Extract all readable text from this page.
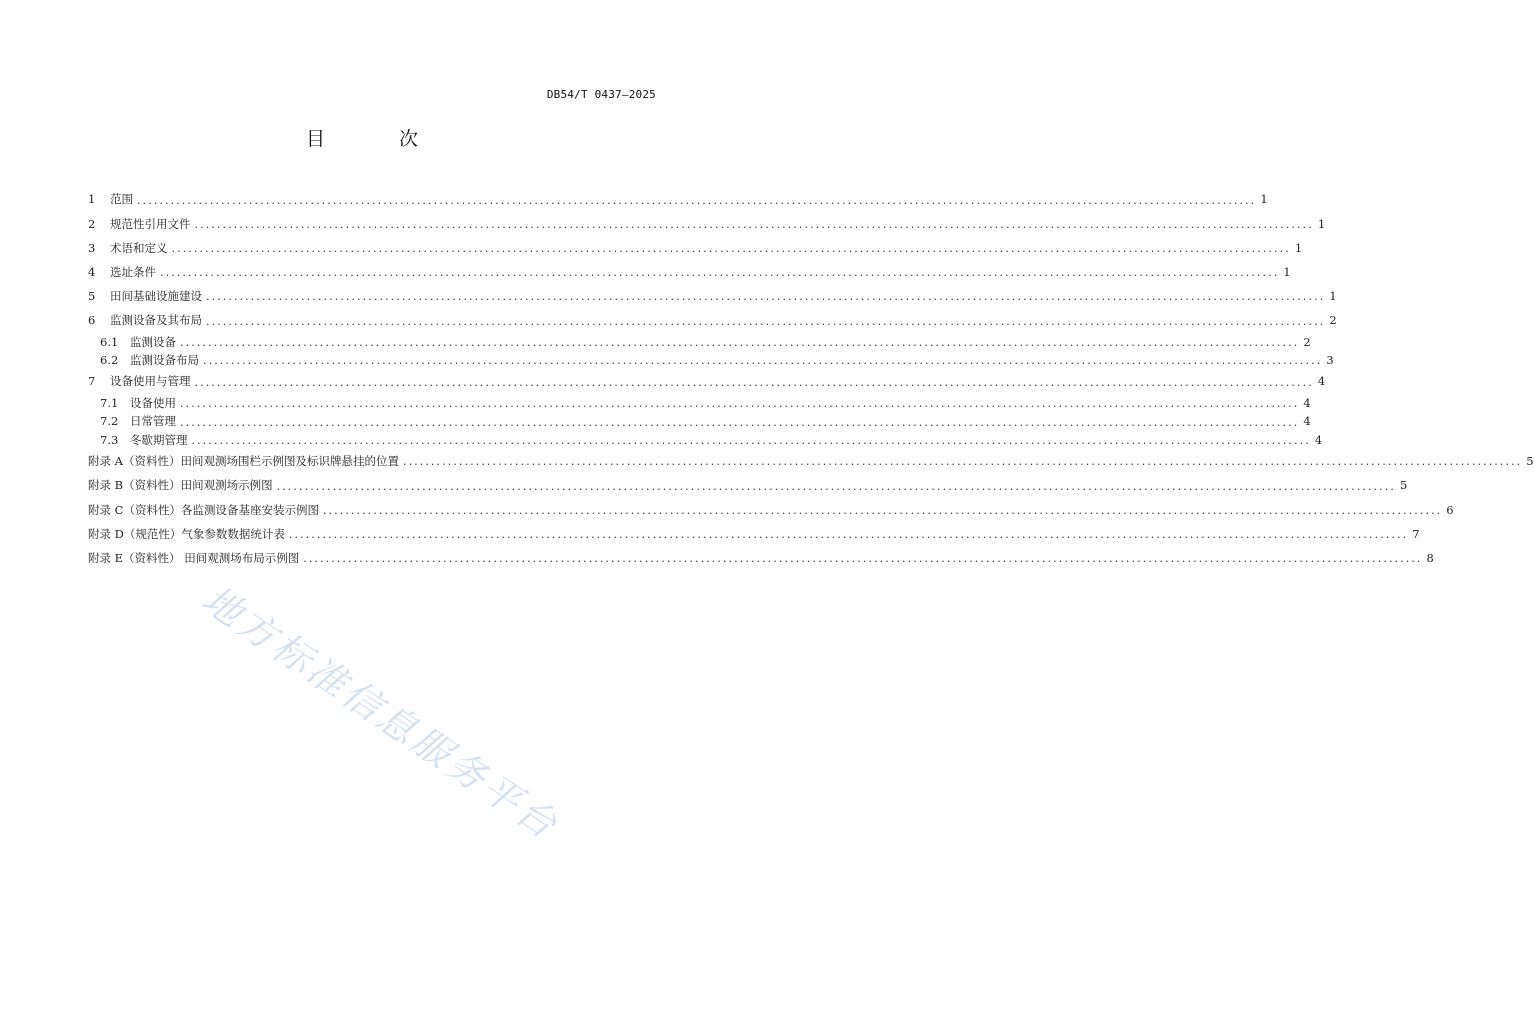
DB54/T 0437—2025
目 次
1	范围 ........................................................................................................................................................................................................ 1
2	规范性引用文件 ........................................................................................................................................................................................................ 1
3	术语和定义 ........................................................................................................................................................................................................ 1
4	选址条件 ........................................................................................................................................................................................................ 1
5	田间基础设施建设 ........................................................................................................................................................................................................ 1
6	监测设备及其布局 ........................................................................................................................................................................................................ 2
6.1	监测设备 ........................................................................................................................................................................................................ 2
6.2	监测设备布局 ........................................................................................................................................................................................................ 3
7	设备使用与管理 ........................................................................................................................................................................................................ 4
7.1	设备使用 ........................................................................................................................................................................................................ 4
7.2	日常管理 ........................................................................................................................................................................................................ 4
7.3	冬歇期管理 ........................................................................................................................................................................................................ 4
附录 A（资料性）田间观测场围栏示例图及标识牌悬挂的位置 ........................................................................................................................................................................................................ 5
附录 B（资料性）田间观测场示例图 ........................................................................................................................................................................................................ 5
附录 C（资料性）各监测设备基座安装示例图 ........................................................................................................................................................................................................ 6
附录 D（规范性）气象参数数据统计表 ........................................................................................................................................................................................................ 7
附录 E（资料性） 田间观测场布局示例图 ........................................................................................................................................................................................................ 8
地方标准信息服务平台
